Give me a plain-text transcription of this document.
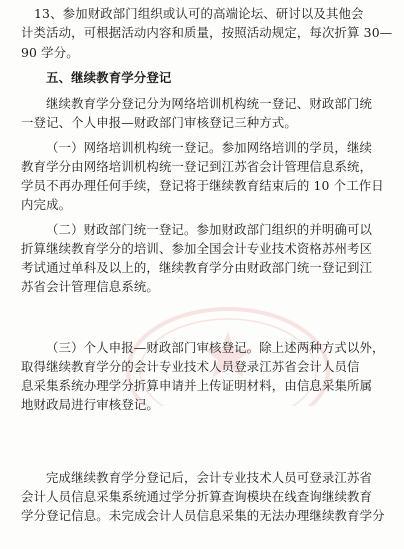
13、参加财政部门组织或认可的高端论坛、研讨以及其他会
计类活动，可根据活动内容和质量，按照活动规定，每次折算 30—
90 学分。
五、继续教育学分登记
继续教育学分登记分为网络培训机构统一登记、财政部门统
一登记、个人申报—财政部门审核登记三种方式。
（一）网络培训机构统一登记。参加网络培训的学员，继续
教育学分由网络培训机构统一登记到江苏省会计管理信息系统，
学员不再办理任何手续，登记将于继续教育结束后的 10 个工作日
内完成。
（二）财政部门统一登记。参加财政部门组织的并明确可以
折算继续教育学分的培训、参加全国会计专业技术资格苏州考区
考试通过单科及以上的，继续教育学分由财政部门统一登记到江
苏省会计管理信息系统。
（三）个人申报—财政部门审核登记。除上述两种方式以外，
取得继续教育学分的会计专业技术人员登录江苏省会计人员信
息采集系统办理学分折算申请并上传证明材料，由信息采集所属
地财政局进行审核登记。
完成继续教育学分登记后，会计专业技术人员可登录江苏省
会计人员信息采集系统通过学分折算查询模块在线查询继续教育
学分登记信息。未完成会计人员信息采集的无法办理继续教育学分
